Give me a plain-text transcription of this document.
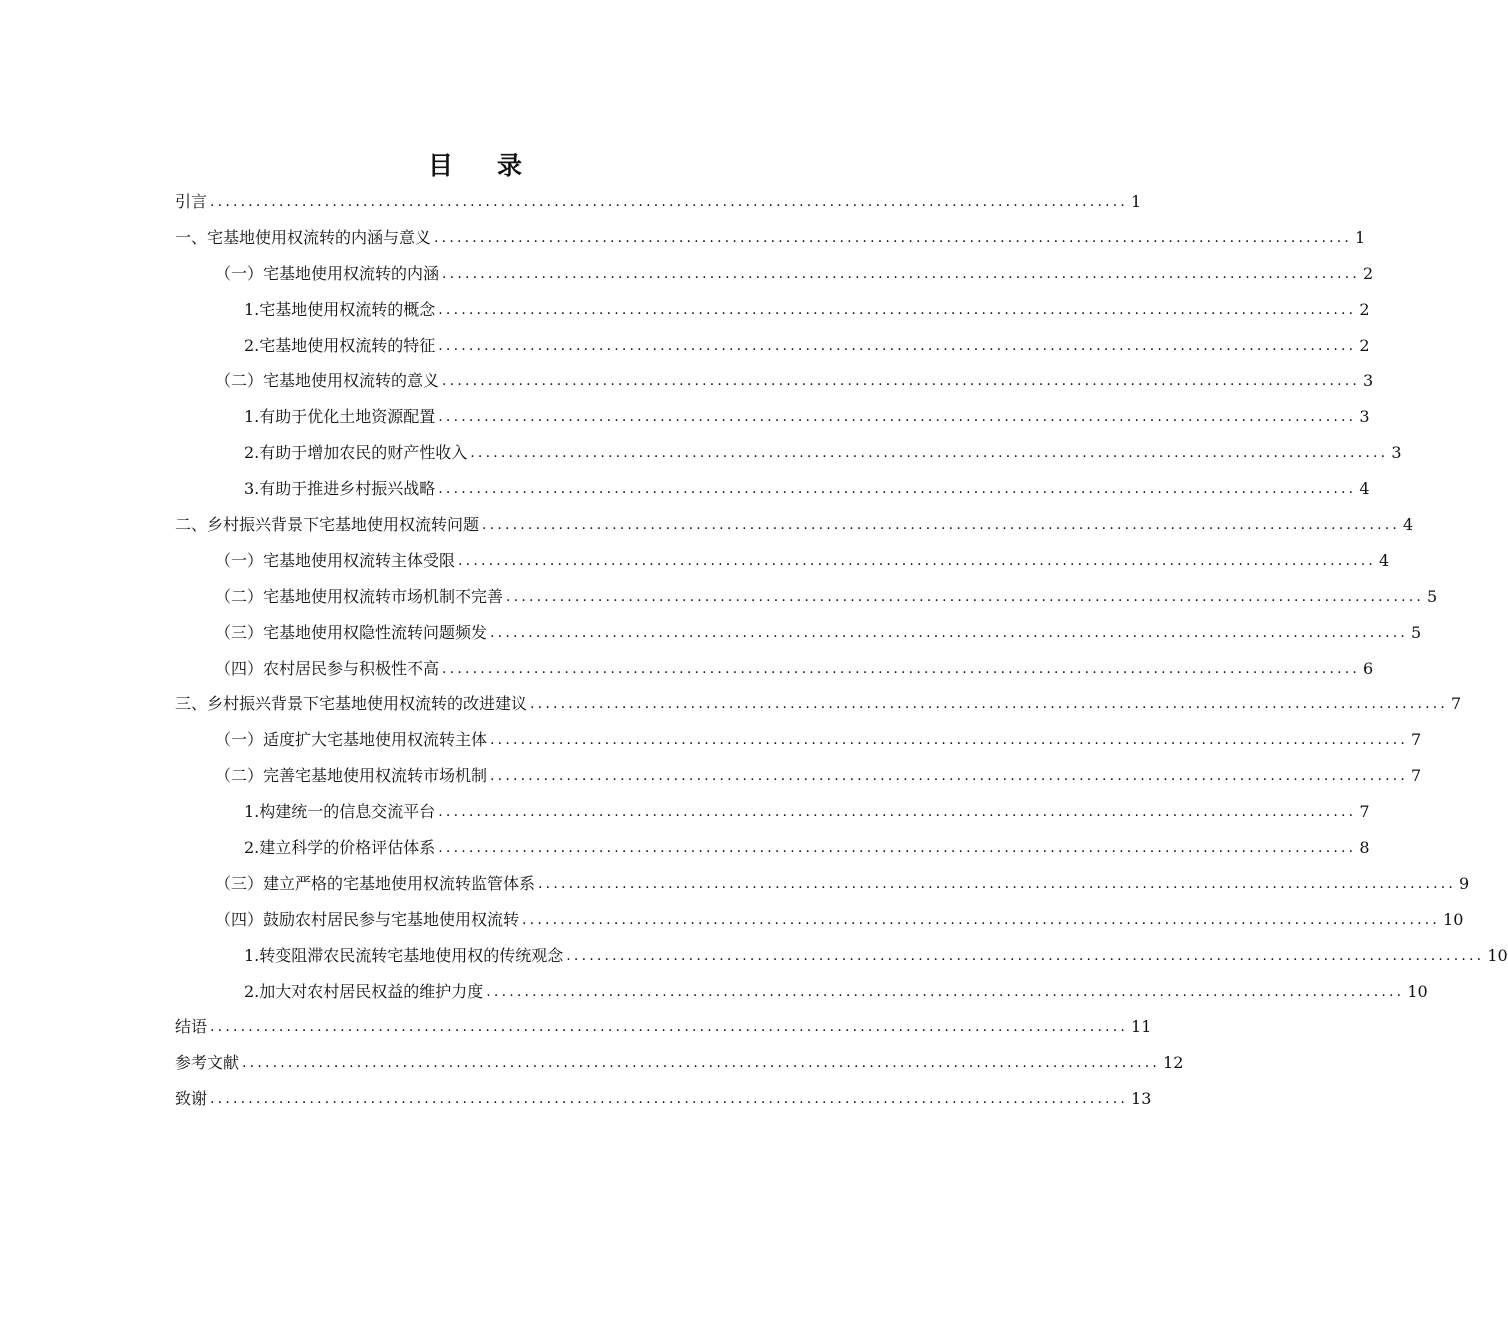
目 录
引言 ........................................................................................................................ 1
一、宅基地使用权流转的内涵与意义 ........................................................................................................................ 1
（一）宅基地使用权流转的内涵 ........................................................................................................................ 2
1.宅基地使用权流转的概念 ........................................................................................................................ 2
2.宅基地使用权流转的特征 ........................................................................................................................ 2
（二）宅基地使用权流转的意义 ........................................................................................................................ 3
1.有助于优化土地资源配置 ........................................................................................................................ 3
2.有助于增加农民的财产性收入 ........................................................................................................................ 3
3.有助于推进乡村振兴战略 ........................................................................................................................ 4
二、乡村振兴背景下宅基地使用权流转问题 ........................................................................................................................ 4
（一）宅基地使用权流转主体受限 ........................................................................................................................ 4
（二）宅基地使用权流转市场机制不完善 ........................................................................................................................ 5
（三）宅基地使用权隐性流转问题频发 ........................................................................................................................ 5
（四）农村居民参与积极性不高 ........................................................................................................................ 6
三、乡村振兴背景下宅基地使用权流转的改进建议 ........................................................................................................................ 7
（一）适度扩大宅基地使用权流转主体 ........................................................................................................................ 7
（二）完善宅基地使用权流转市场机制 ........................................................................................................................ 7
1.构建统一的信息交流平台 ........................................................................................................................ 7
2.建立科学的价格评估体系 ........................................................................................................................ 8
（三）建立严格的宅基地使用权流转监管体系 ........................................................................................................................ 9
（四）鼓励农村居民参与宅基地使用权流转 ........................................................................................................................ 10
1.转变阻滞农民流转宅基地使用权的传统观念 ........................................................................................................................ 10
2.加大对农村居民权益的维护力度 ........................................................................................................................ 10
结语 ........................................................................................................................ 11
参考文献 ........................................................................................................................ 12
致谢 ........................................................................................................................ 13
